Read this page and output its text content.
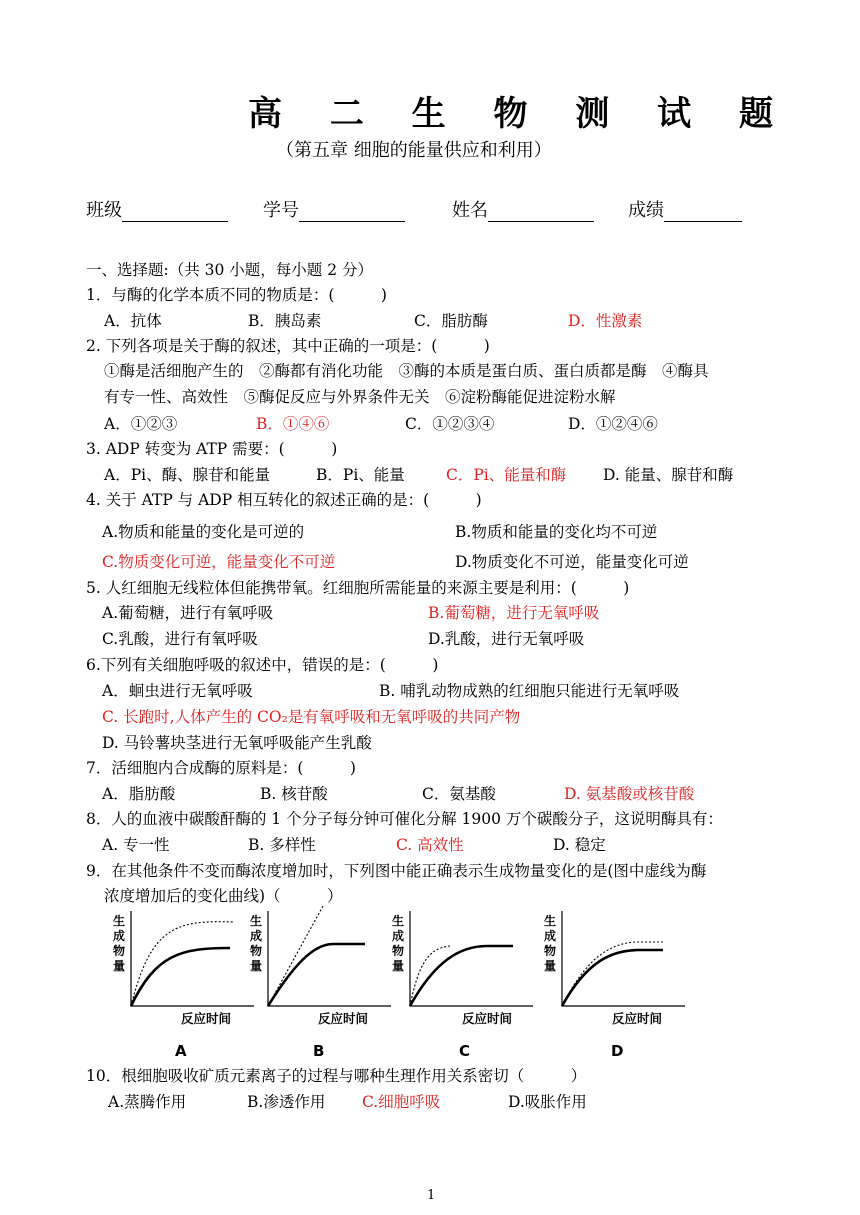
高 二 生 物 测 试 题
（第五章 细胞的能量供应和利用）
班级	学号	姓名	成绩
一、选择题:（共 30 小题，每小题 2 分）
1．与酶的化学本质不同的物质是：(　　　)
A．抗体	B．胰岛素	C．脂肪酶	D．性激素
2. 下列各项是关于酶的叙述，其中正确的一项是：(　　　)
①酶是活细胞产生的　②酶都有消化功能　③酶的本质是蛋白质、蛋白质都是酶　④酶具
有专一性、高效性　⑤酶促反应与外界条件无关　⑥淀粉酶能促进淀粉水解
A．①②③	B．①④⑥	C．①②③④	D．①②④⑥
3. ADP 转变为 ATP 需要：(　　　)
A．Pi、酶、腺苷和能量	B．Pi、能量	C．Pi、能量和酶 D. 能量、腺苷和酶
4. 关于 ATP 与 ADP 相互转化的叙述正确的是：(　　　)
A.物质和能量的变化是可逆的	B.物质和能量的变化均不可逆
C.物质变化可逆，能量变化不可逆	D.物质变化不可逆，能量变化可逆
5. 人红细胞无线粒体但能携带氧。红细胞所需能量的来源主要是利用：(　　　)
A.葡萄糖，进行有氧呼吸	B.葡萄糖，进行无氧呼吸
C.乳酸，进行有氧呼吸	D.乳酸，进行无氧呼吸
6.下列有关细胞呼吸的叙述中，错误的是：(　　　)
A．蛔虫进行无氧呼吸	B. 哺乳动物成熟的红细胞只能进行无氧呼吸
C. 长跑时,人体产生的 CO₂是有氧呼吸和无氧呼吸的共同产物
D. 马铃薯块茎进行无氧呼吸能产生乳酸
7．活细胞内合成酶的原料是：(　　　)
A．脂肪酸	B. 核苷酸	C．氨基酸	D. 氨基酸或核苷酸
8．人的血液中碳酸酐酶的 1 个分子每分钟可催化分解 1900 万个碳酸分子，这说明酶具有：
A. 专一性	B. 多样性	C. 高效性	D. 稳定
9．在其他条件不变而酶浓度增加时，下列图中能正确表示生成物量变化的是(图中虚线为酶
浓度增加后的变化曲线)（　　　）
生成物量
反应时间
A
生成物量
反应时间
B
生成物量
反应时间
C
生成物量
反应时间
D
10．根细胞吸收矿质元素离子的过程与哪种生理作用关系密切（　　　）
A.蒸腾作用	B.渗透作用 C.细胞呼吸	D.吸胀作用
1
